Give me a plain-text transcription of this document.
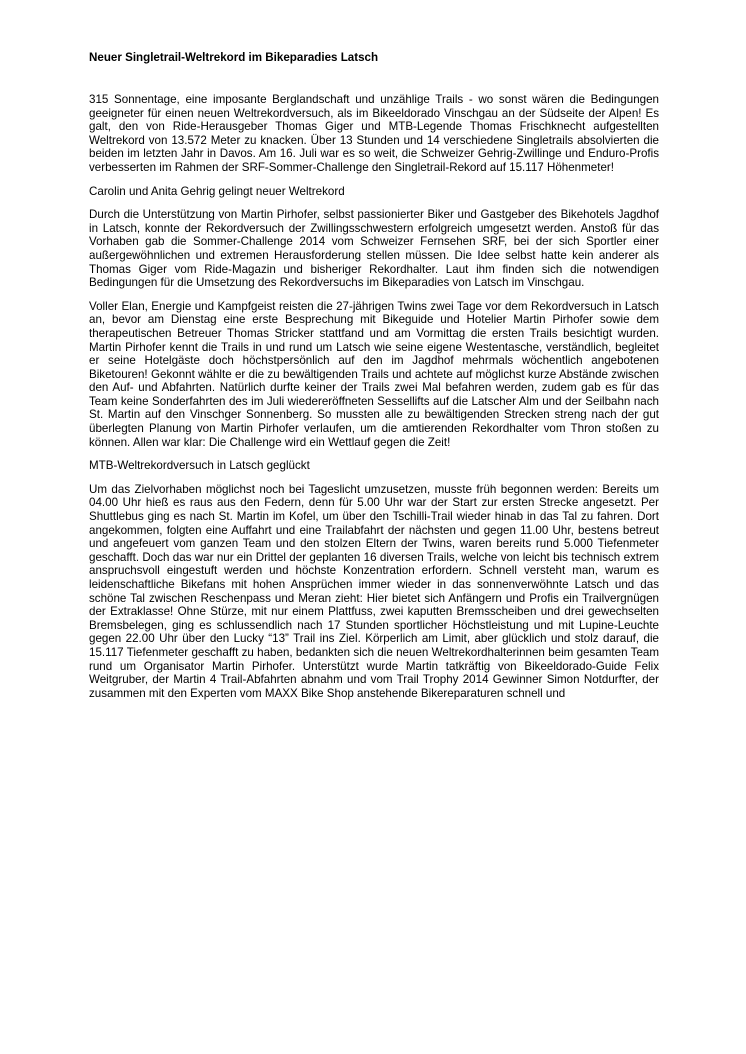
Neuer Singletrail-Weltrekord im Bikeparadies Latsch

315 Sonnentage, eine imposante Berglandschaft und unzählige Trails - wo sonst wären die Bedingungen geeigneter für einen neuen Weltrekordversuch, als im Bikeeldorado Vinschgau an der Südseite der Alpen! Es galt, den von Ride-Herausgeber Thomas Giger und MTB-Legende Thomas Frischknecht aufgestellten Weltrekord von 13.572 Meter zu knacken. Über 13 Stunden und 14 verschiedene Singletrails absolvierten die beiden im letzten Jahr in Davos. Am 16. Juli war es so weit, die Schweizer Gehrig-Zwillinge und Enduro-Profis verbesserten im Rahmen der SRF-Sommer-Challenge den Singletrail-Rekord auf 15.117 Höhenmeter!

Carolin und Anita Gehrig gelingt neuer Weltrekord

Durch die Unterstützung von Martin Pirhofer, selbst passionierter Biker und Gastgeber des Bikehotels Jagdhof in Latsch, konnte der Rekordversuch der Zwillingsschwestern erfolgreich umgesetzt werden. Anstoß für das Vorhaben gab die Sommer-Challenge 2014 vom Schweizer Fernsehen SRF, bei der sich Sportler einer außergewöhnlichen und extremen Herausforderung stellen müssen. Die Idee selbst hatte kein anderer als Thomas Giger vom Ride-Magazin und bisheriger Rekordhalter. Laut ihm finden sich die notwendigen Bedingungen für die Umsetzung des Rekordversuchs im Bikeparadies von Latsch im Vinschgau.

Voller Elan, Energie und Kampfgeist reisten die 27-jährigen Twins zwei Tage vor dem Rekordversuch in Latsch an, bevor am Dienstag eine erste Besprechung mit Bikeguide und Hotelier Martin Pirhofer sowie dem therapeutischen Betreuer Thomas Stricker stattfand und am Vormittag die ersten Trails besichtigt wurden. Martin Pirhofer kennt die Trails in und rund um Latsch wie seine eigene Westentasche, verständlich, begleitet er seine Hotelgäste doch höchstpersönlich auf den im Jagdhof mehrmals wöchentlich angebotenen Biketouren! Gekonnt wählte er die zu bewältigenden Trails und achtete auf möglichst kurze Abstände zwischen den Auf- und Abfahrten. Natürlich durfte keiner der Trails zwei Mal befahren werden, zudem gab es für das Team keine Sonderfahrten des im Juli wiedereröffneten Sessellifts auf die Latscher Alm und der Seilbahn nach St. Martin auf den Vinschger Sonnenberg. So mussten alle zu bewältigenden Strecken streng nach der gut überlegten Planung von Martin Pirhofer verlaufen, um die amtierenden Rekordhalter vom Thron stoßen zu können. Allen war klar: Die Challenge wird ein Wettlauf gegen die Zeit!

MTB-Weltrekordversuch in Latsch geglückt

Um das Zielvorhaben möglichst noch bei Tageslicht umzusetzen, musste früh begonnen werden: Bereits um 04.00 Uhr hieß es raus aus den Federn, denn für 5.00 Uhr war der Start zur ersten Strecke angesetzt. Per Shuttlebus ging es nach St. Martin im Kofel, um über den Tschilli-Trail wieder hinab in das Tal zu fahren. Dort angekommen, folgten eine Auffahrt und eine Trailabfahrt der nächsten und gegen 11.00 Uhr, bestens betreut und angefeuert vom ganzen Team und den stolzen Eltern der Twins, waren bereits rund 5.000 Tiefenmeter geschafft. Doch das war nur ein Drittel der geplanten 16 diversen Trails, welche von leicht bis technisch extrem anspruchsvoll eingestuft werden und höchste Konzentration erfordern. Schnell versteht man, warum es leidenschaftliche Bikefans mit hohen Ansprüchen immer wieder in das sonnenverwöhnte Latsch und das schöne Tal zwischen Reschenpass und Meran zieht: Hier bietet sich Anfängern und Profis ein Trailvergnügen der Extraklasse! Ohne Stürze, mit nur einem Plattfuss, zwei kaputten Bremsscheiben und drei gewechselten Bremsbelegen, ging es schlussendlich nach 17 Stunden sportlicher Höchstleistung und mit Lupine-Leuchte gegen 22.00 Uhr über den Lucky “13” Trail ins Ziel. Körperlich am Limit, aber glücklich und stolz darauf, die 15.117 Tiefenmeter geschafft zu haben, bedankten sich die neuen Weltrekordhalterinnen beim gesamten Team rund um Organisator Martin Pirhofer. Unterstützt wurde Martin tatkräftig von Bikeeldorado-Guide Felix Weitgruber, der Martin 4 Trail-Abfahrten abnahm und vom Trail Trophy 2014 Gewinner Simon Notdurfter, der zusammen mit den Experten vom MAXX Bike Shop anstehende Bikereparaturen schnell und
